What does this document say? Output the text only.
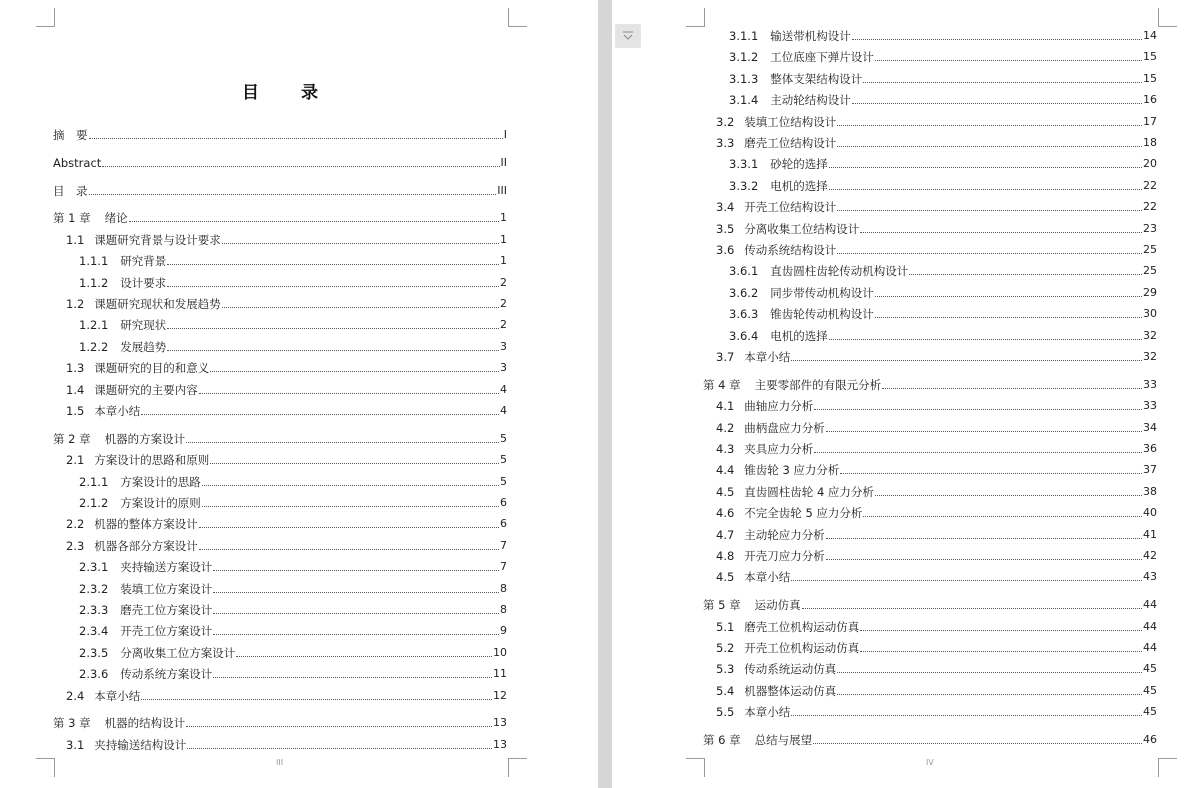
目 录
III	IV
摘　要	I
Abstract	II
目　录	III
第 1 章 绪论	1
1.1 课题研究背景与设计要求	1
1.1.1 研究背景	1
1.1.2 设计要求	2
1.2 课题研究现状和发展趋势	2
1.2.1 研究现状	2
1.2.2 发展趋势	3
1.3 课题研究的目的和意义	3
1.4 课题研究的主要内容	4
1.5 本章小结	4
第 2 章 机器的方案设计	5
2.1 方案设计的思路和原则	5
2.1.1 方案设计的思路	5
2.1.2 方案设计的原则	6
2.2 机器的整体方案设计	6
2.3 机器各部分方案设计	7
2.3.1 夹持输送方案设计	7
2.3.2 装填工位方案设计	8
2.3.3 磨壳工位方案设计	8
2.3.4 开壳工位方案设计	9
2.3.5 分离收集工位方案设计	10
2.3.6 传动系统方案设计	11
2.4 本章小结	12
第 3 章 机器的结构设计	13
3.1 夹持输送结构设计	13
3.1.1 输送带机构设计	14
3.1.2 工位底座下弹片设计	15
3.1.3 整体支架结构设计	15
3.1.4 主动轮结构设计	16
3.2 装填工位结构设计	17
3.3 磨壳工位结构设计	18
3.3.1 砂轮的选择	20
3.3.2 电机的选择	22
3.4 开壳工位结构设计	22
3.5 分离收集工位结构设计	23
3.6 传动系统结构设计	25
3.6.1 直齿圆柱齿轮传动机构设计	25
3.6.2 同步带传动机构设计	29
3.6.3 锥齿轮传动机构设计	30
3.6.4 电机的选择	32
3.7 本章小结	32
第 4 章 主要零部件的有限元分析	33
4.1 曲轴应力分析	33
4.2 曲柄盘应力分析	34
4.3 夹具应力分析	36
4.4 锥齿轮 3 应力分析	37
4.5 直齿圆柱齿轮 4 应力分析	38
4.6 不完全齿轮 5 应力分析	40
4.7 主动轮应力分析	41
4.8 开壳刀应力分析	42
4.5 本章小结	43
第 5 章 运动仿真	44
5.1 磨壳工位机构运动仿真	44
5.2 开壳工位机构运动仿真	44
5.3 传动系统运动仿真	45
5.4 机器整体运动仿真	45
5.5 本章小结	45
第 6 章 总结与展望	46
